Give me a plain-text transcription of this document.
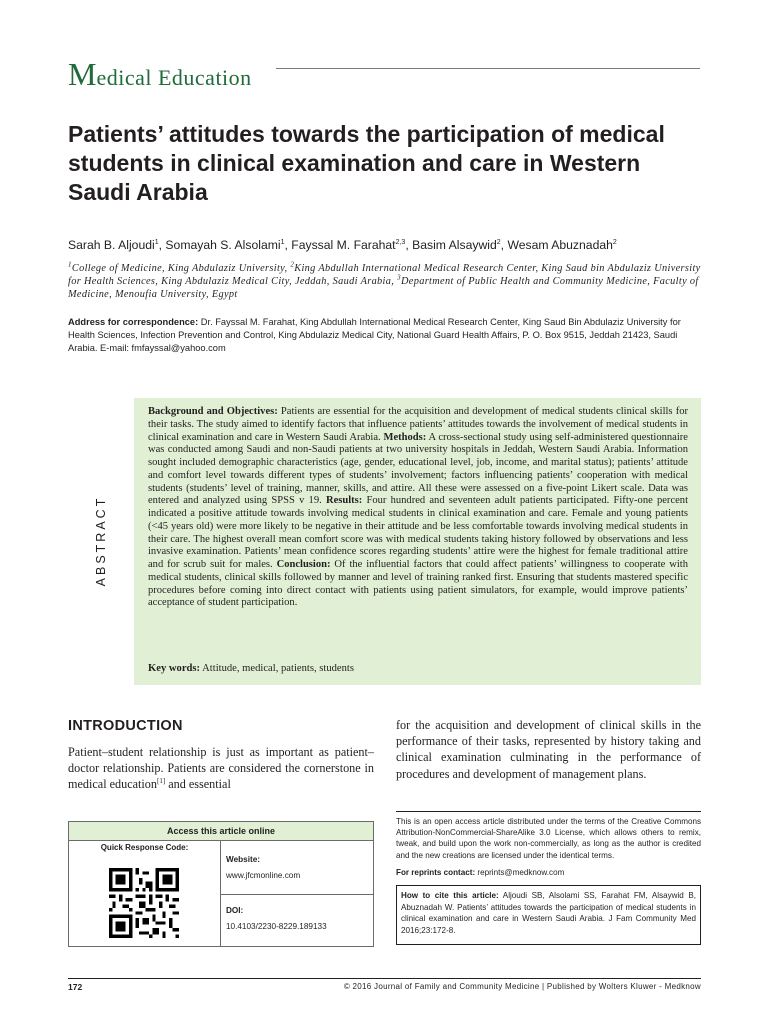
Medical Education
Patients’ attitudes towards the participation of medical students in clinical examination and care in Western Saudi Arabia
Sarah B. Aljoudi$^1$, Somayah S. Alsolami$^1$, Fayssal M. Farahat$^{2,3}$, Basim Alsaywid$^2$, Wesam Abuznadah$^2$
$^1$College of Medicine, King Abdulaziz University, $^2$King Abdullah International Medical Research Center, King Saud bin Abdulaziz University for Health Sciences, King Abdulaziz Medical City, Jeddah, Saudi Arabia, $^3$Department of Public Health and Community Medicine, Faculty of Medicine, Menoufia University, Egypt
Address for correspondence: Dr. Fayssal M. Farahat, King Abdullah International Medical Research Center, King Saud Bin Abdulaziz University for Health Sciences, Infection Prevention and Control, King Abdulaziz Medical City, National Guard Health Affairs, P. O. Box 9515, Jeddah 21423, Saudi Arabia. E-mail: fmfayssal@yahoo.com
ABSTRACT
Background and Objectives: Patients are essential for the acquisition and development of medical students clinical skills for their tasks. The study aimed to identify factors that influence patients’ attitudes towards the involvement of medical students in clinical examination and care in Western Saudi Arabia. Methods: A cross-sectional study using self-administered questionnaire was conducted among Saudi and non-Saudi patients at two university hospitals in Jeddah, Western Saudi Arabia. Information sought included demographic characteristics (age, gender, educational level, job, income, and marital status); patients’ attitude and comfort level towards different types of students’ involvement; factors influencing patients’ cooperation with medical students (students’ level of training, manner, skills, and attire. All these were assessed on a five-point Likert scale. Data was entered and analyzed using SPSS v 19. Results: Four hundred and seventeen adult patients participated. Fifty-one percent indicated a positive attitude towards involving medical students in clinical examination and care. Female and young patients (<45 years old) were more likely to be negative in their attitude and be less comfortable towards involving medical students in their care. The highest overall mean comfort score was with medical students taking history followed by observations and less invasive examination. Patients’ mean confidence scores regarding students’ attire were the highest for female traditional attire and for scrub suit for males. Conclusion: Of the influential factors that could affect patients’ willingness to cooperate with medical students, clinical skills followed by manner and level of training ranked first. Ensuring that students mastered specific procedures before coming into direct contact with patients using patient simulators, for example, would improve patients’ acceptance of student participation.
Key words: Attitude, medical, patients, students
INTRODUCTION
Patient–student relationship is just as important as patient–doctor relationship. Patients are considered the cornerstone in medical education[1] and essential
for the acquisition and development of clinical skills in the performance of their tasks, represented by history taking and clinical examination culminating in the performance of procedures and development of management plans.
Access this article online
Quick Response Code:
Website:
www.jfcmonline.com
DOI:
10.4103/2230-8229.189133
This is an open access article distributed under the terms of the Creative Commons Attribution-NonCommercial-ShareAlike 3.0 License, which allows others to remix, tweak, and build upon the work non-commercially, as long as the author is credited and the new creations are licensed under the identical terms.
For reprints contact: reprints@medknow.com
How to cite this article: Aljoudi SB, Alsolami SS, Farahat FM, Alsaywid B, Abuznadah W. Patients’ attitudes towards the participation of medical students in clinical examination and care in Western Saudi Arabia. J Fam Community Med 2016;23:172-8.
172	© 2016 Journal of Family and Community Medicine | Published by Wolters Kluwer - Medknow
